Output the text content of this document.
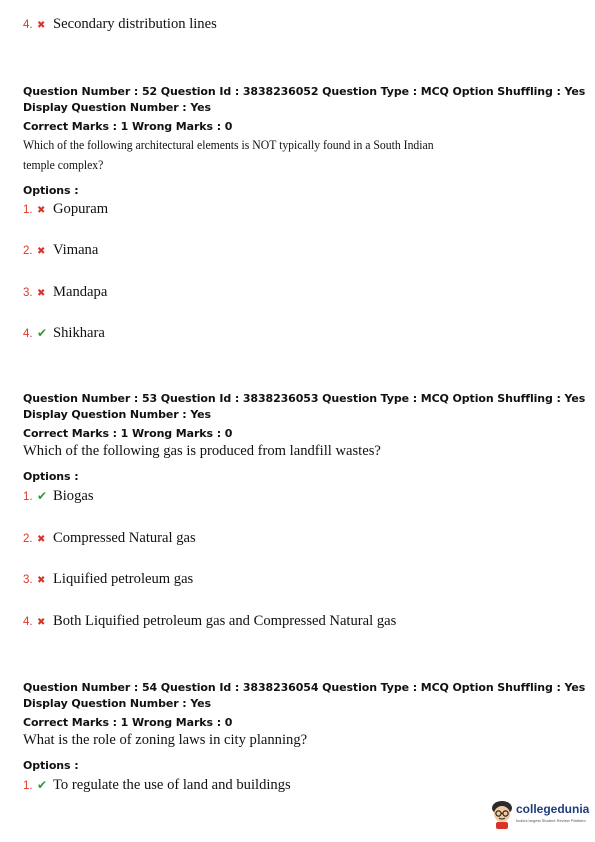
4. ✖ Secondary distribution lines
Question Number : 52 Question Id : 3838236052 Question Type : MCQ Option Shuffling : Yes
Display Question Number : Yes
Correct Marks : 1 Wrong Marks : 0
Which of the following architectural elements is NOT typically found in a South Indian
temple complex?
Options :
1. ✖ Gopuram
2. ✖ Vimana
3. ✖ Mandapa
4. ✔ Shikhara
Question Number : 53 Question Id : 3838236053 Question Type : MCQ Option Shuffling : Yes
Display Question Number : Yes
Correct Marks : 1 Wrong Marks : 0
Which of the following gas is produced from landfill wastes?
Options :
1. ✔ Biogas
2. ✖ Compressed Natural gas
3. ✖ Liquified petroleum gas
4. ✖ Both Liquified petroleum gas and Compressed Natural gas
Question Number : 54 Question Id : 3838236054 Question Type : MCQ Option Shuffling : Yes
Display Question Number : Yes
Correct Marks : 1 Wrong Marks : 0
What is the role of zoning laws in city planning?
Options :
1. ✔ To regulate the use of land and buildings
collegedunia
India's largest Student Review Platform
